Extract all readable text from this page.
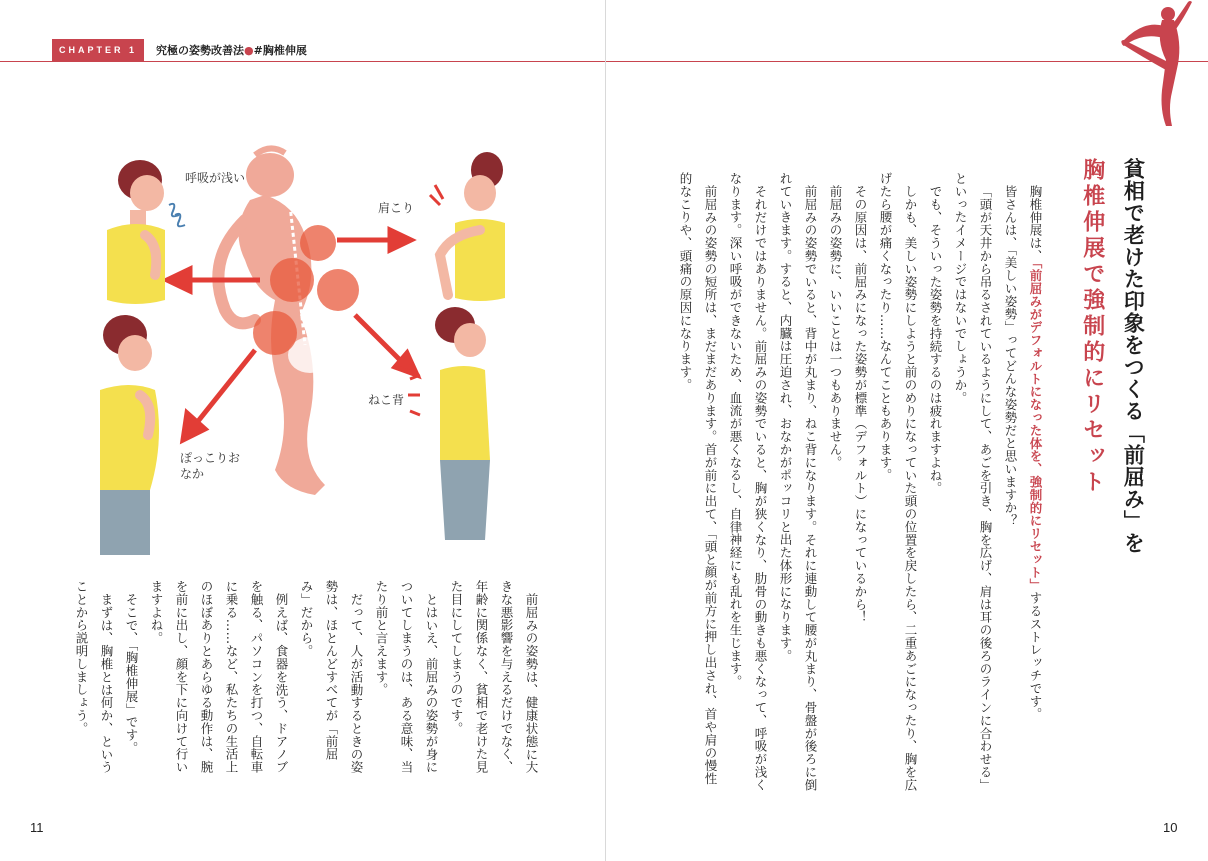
CHAPTER 1	究極の姿勢改善法●#胸椎伸展
呼吸が浅い
肩こり
ねこ背
ぽっこりおなか

前屈みの姿勢は、健康状態に大きな悪影響を与えるだけでなく、年齢に関係なく、貧相で老けた見た目にしてしまうのです。

とはいえ、前屈みの姿勢が身についてしまうのは、ある意味、当たり前と言えます。

だって、人が活動するときの姿勢は、ほとんどすべてが「前屈み」だから。

例えば、食器を洗う、ドアノブを触る、パソコンを打つ、自転車に乗る……など、私たちの生活上のほぼありとあらゆる動作は、腕を前に出し、顔を下に向けて行いますよね。

そこで、「胸椎伸展」です。

まずは、胸椎とは何か、ということから説明しましょう。

11
貧相で老けた印象をつくる「前屈み」を
胸椎伸展で強制的にリセット

胸椎伸展は、「前屈みがデフォルトになった体を、強制的にリセット」するストレッチです。

皆さんは、「美しい姿勢」ってどんな姿勢だと思いますか？

「頭が天井から吊るされているようにして、あごを引き、胸を広げ、肩は耳の後ろのラインに合わせる」といったイメージではないでしょうか。

でも、そういった姿勢を持続するのは疲れますよね。

しかも、美しい姿勢にしようと前のめりになっていた頭の位置を戻したら、二重あごになったり、胸を広げたら腰が痛くなったり……なんてこともあります。

その原因は、前屈みになった姿勢が標準（デフォルト）になっているから！

前屈みの姿勢に、いいことは一つもありません。

前屈みの姿勢でいると、背中が丸まり、ねこ背になります。それに連動して腰が丸まり、骨盤が後ろに倒れていきます。すると、内臓は圧迫され、おなかがポッコリと出た体形になります。

それだけではありません。前屈みの姿勢でいると、胸が狭くなり、肋骨の動きも悪くなって、呼吸が浅くなります。深い呼吸ができないため、血流が悪くなるし、自律神経にも乱れを生じます。

前屈みの姿勢の短所は、まだまだあります。首が前に出て、「頭と顔が前方に押し出され、首や肩の慢性的なこりや、頭痛の原因になります。

10
